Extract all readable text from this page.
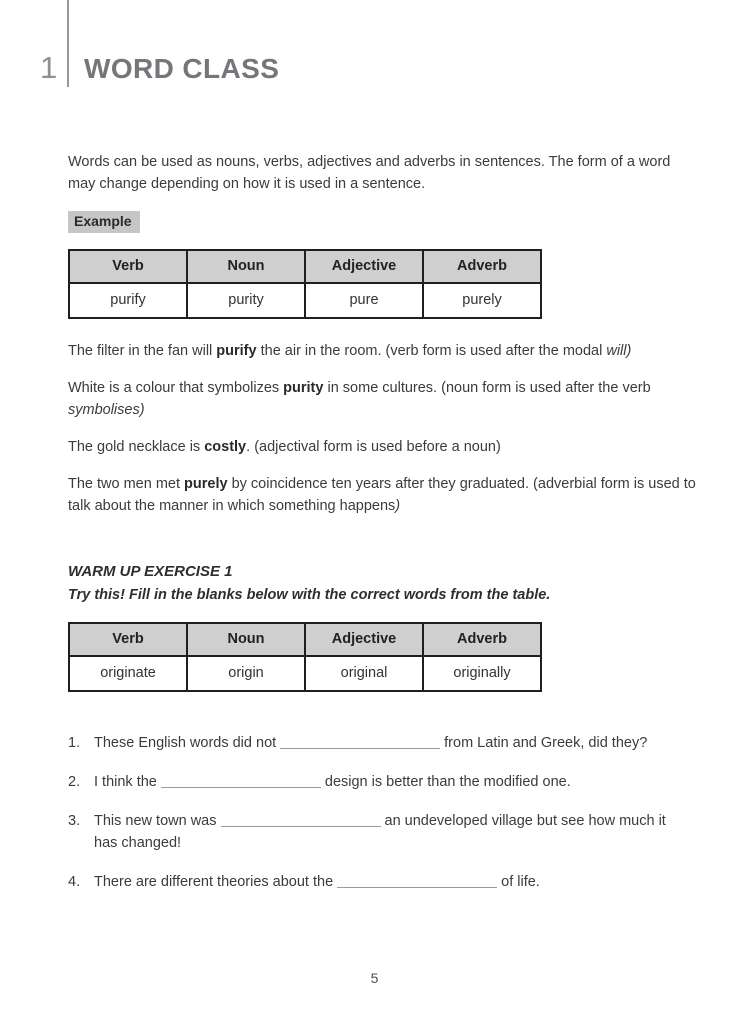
1 WORD CLASS

Words can be used as nouns, verbs, adjectives and adverbs in sentences. The form of a word may change depending on how it is used in a sentence.

Example
Verb	Noun	Adjective	Adverb
purify	purity	pure	purely

The filter in the fan will purify the air in the room. (verb form is used after the modal will)

White is a colour that symbolizes purity in some cultures. (noun form is used after the verb symbolises)

The gold necklace is costly. (adjectival form is used before a noun)

The two men met purely by coincidence ten years after they graduated. (adverbial form is used to talk about the manner in which something happens)

WARM UP EXERCISE 1
Try this! Fill in the blanks below with the correct words from the table.
Verb	Noun	Adjective	Adverb
originate	origin	original	originally
1. These English words did not	from Latin and Greek, did they?
2. I think the	design is better than the modified one.
3. This new town was	an undeveloped village but see how much it
has changed!
4. There are different theories about the	of life.
5
